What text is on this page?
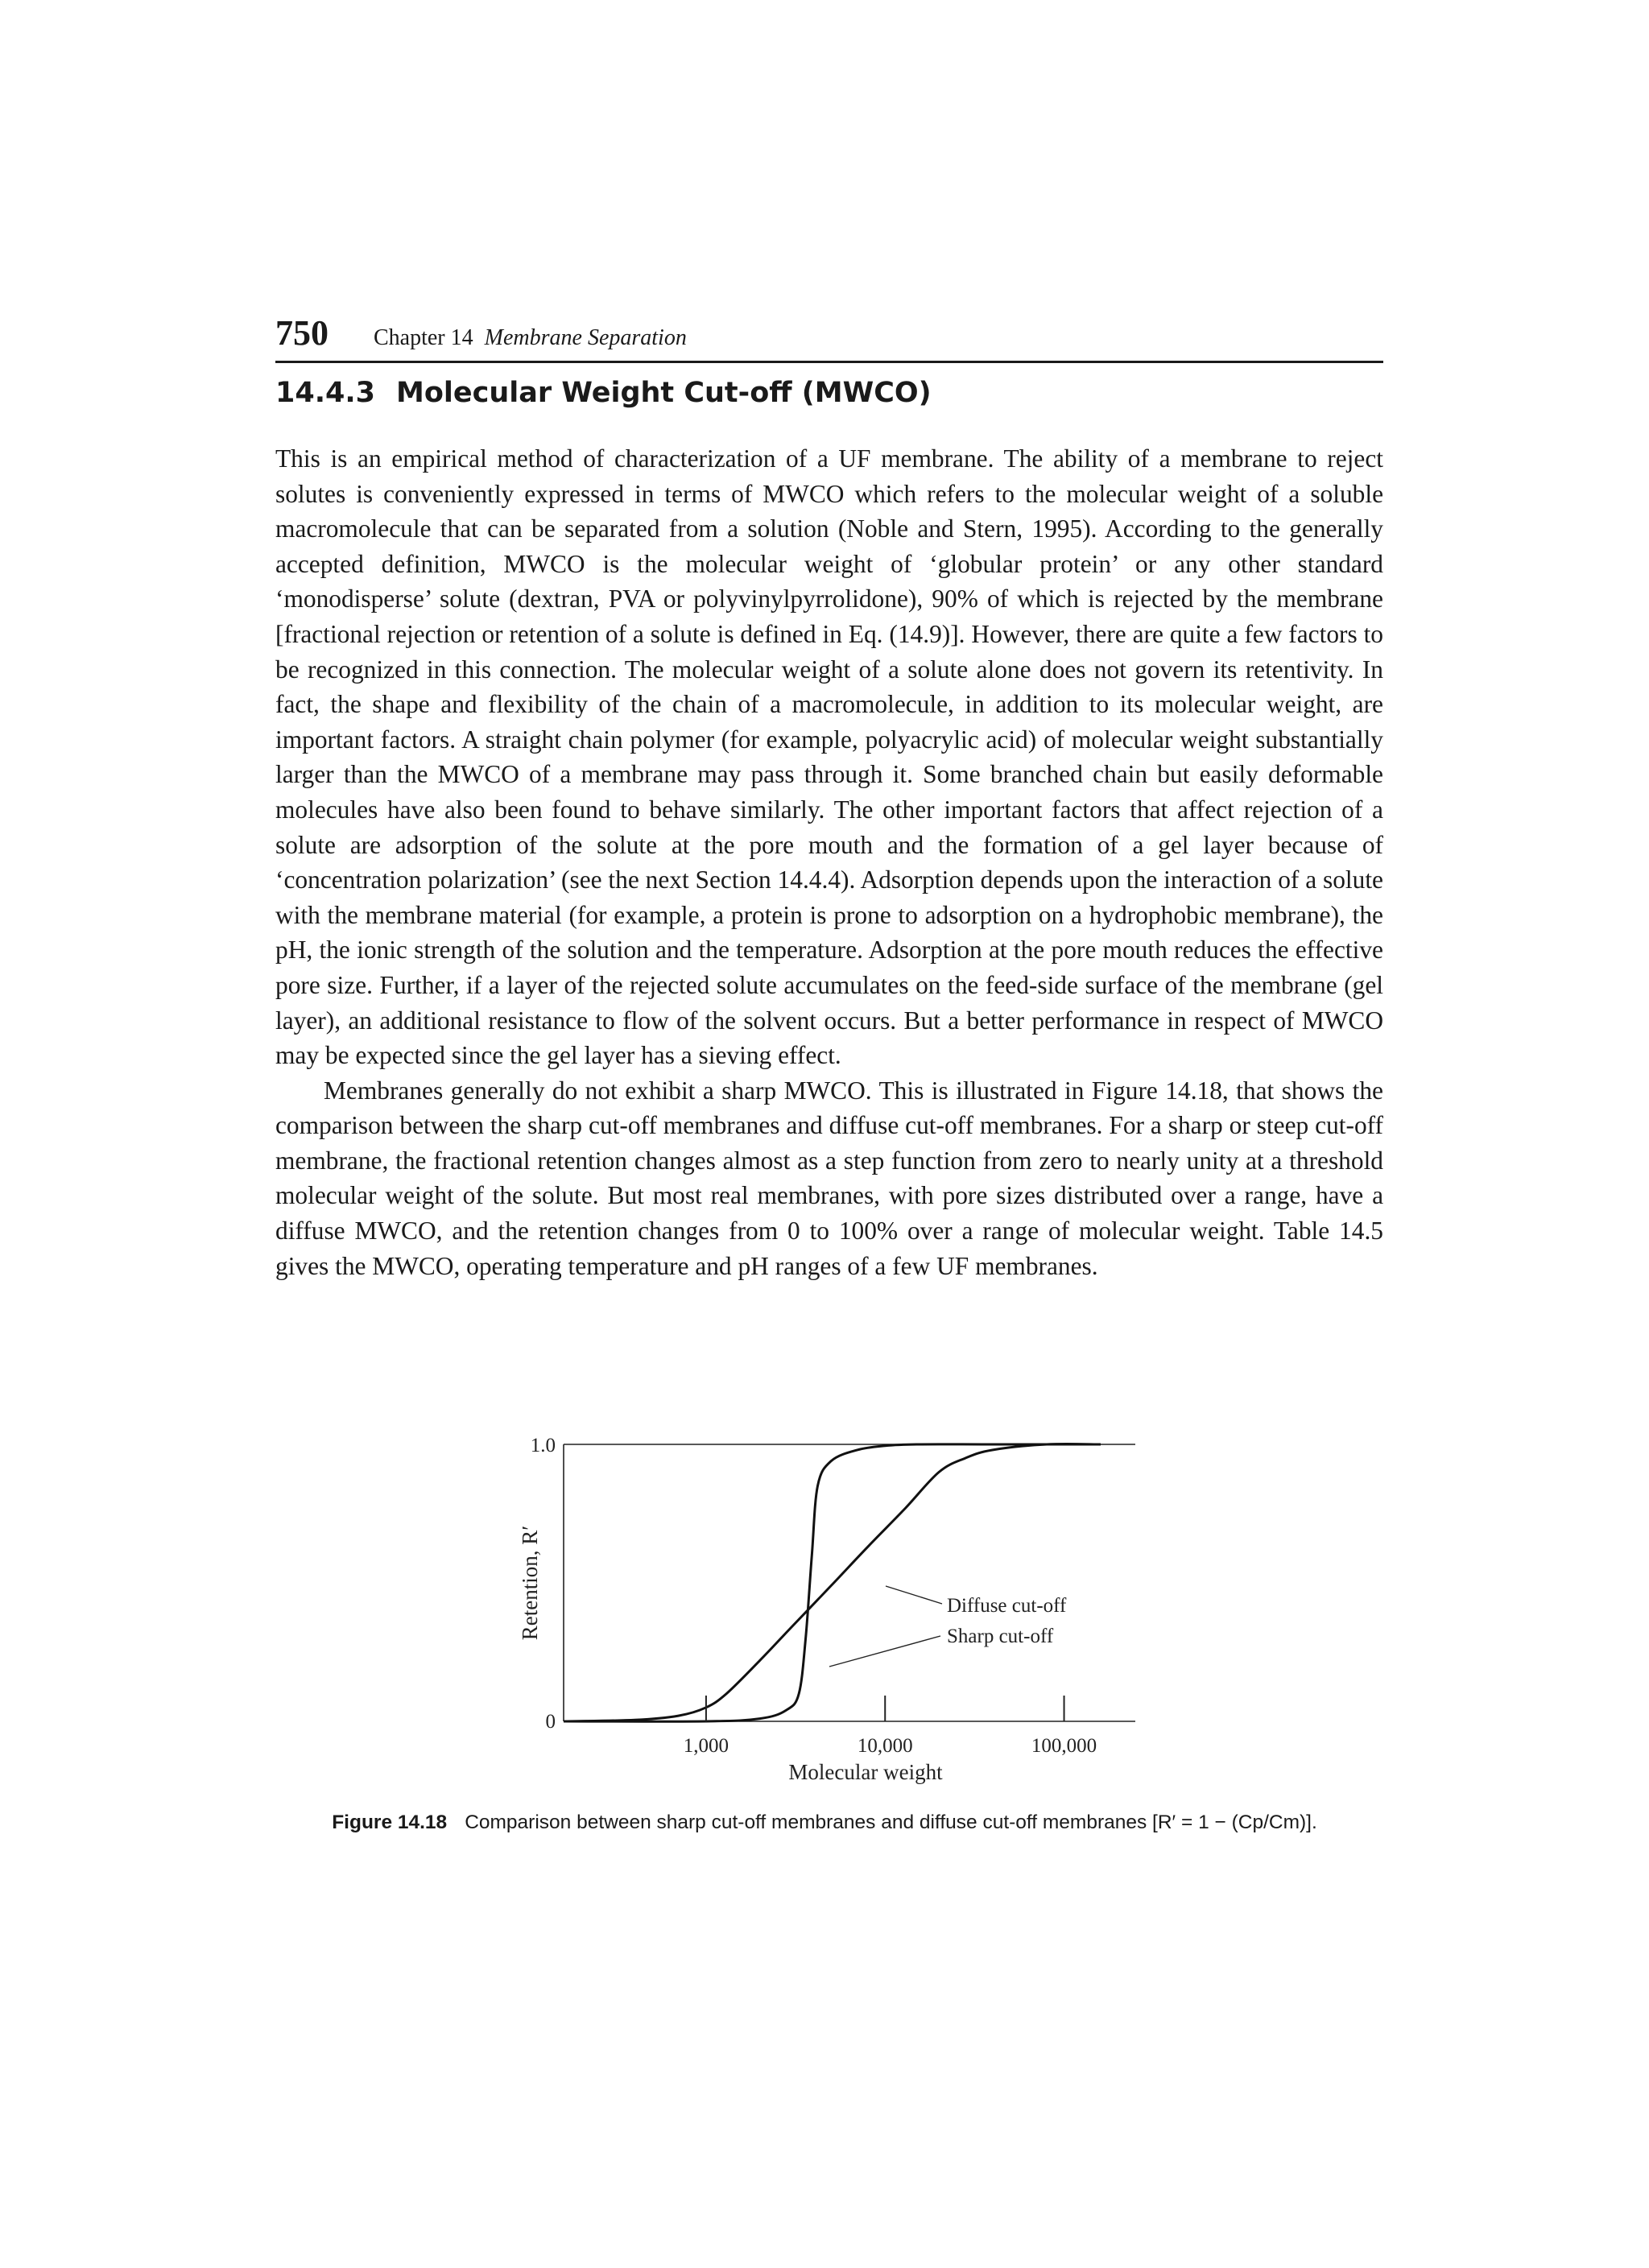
750 Chapter 14 Membrane Separation
14.4.3 Molecular Weight Cut-off (MWCO)

This is an empirical method of characterization of a UF membrane. The ability of a membrane to reject solutes is conveniently expressed in terms of MWCO which refers to the molecular weight of a soluble macromolecule that can be separated from a solution (Noble and Stern, 1995). According to the generally accepted definition, MWCO is the molecular weight of ‘globular protein’ or any other standard ‘monodisperse’ solute (dextran, PVA or polyvinylpyrrolidone), 90% of which is rejected by the membrane [fractional rejection or retention of a solute is defined in Eq. (14.9)]. However, there are quite a few factors to be recognized in this connection. The molecular weight of a solute alone does not govern its retentivity. In fact, the shape and flexibility of the chain of a macromolecule, in addition to its molecular weight, are important factors. A straight chain polymer (for example, polyacrylic acid) of molecular weight substantially larger than the MWCO of a membrane may pass through it. Some branched chain but easily deformable molecules have also been found to behave similarly. The other important factors that affect rejection of a solute are adsorption of the solute at the pore mouth and the formation of a gel layer because of ‘concentration polarization’ (see the next Section 14.4.4). Adsorption depends upon the interaction of a solute with the membrane material (for example, a protein is prone to adsorption on a hydrophobic membrane), the pH, the ionic strength of the solution and the temperature. Adsorption at the pore mouth reduces the effective pore size. Further, if a layer of the rejected solute accumulates on the feed-side surface of the membrane (gel layer), an additional resistance to flow of the solvent occurs. But a better performance in respect of MWCO may be expected since the gel layer has a sieving effect.

Membranes generally do not exhibit a sharp MWCO. This is illustrated in Figure 14.18, that shows the comparison between the sharp cut-off membranes and diffuse cut-off membranes. For a sharp or steep cut-off membrane, the fractional retention changes almost as a step function from zero to nearly unity at a threshold molecular weight of the solute. But most real membranes, with pore sizes distributed over a range, have a diffuse MWCO, and the retention changes from 0 to 100% over a range of molecular weight. Table 14.5 gives the MWCO, operating temperature and pH ranges of a few UF membranes.

1,000	10,000	100,000
1.0
0
Molecular weight
Retention, R′	Diffuse cut-off
Sharp cut-off
Figure 14.18 Comparison between sharp cut-off membranes and diffuse cut-off membranes [R′ = 1 − (Cp/Cm)].
